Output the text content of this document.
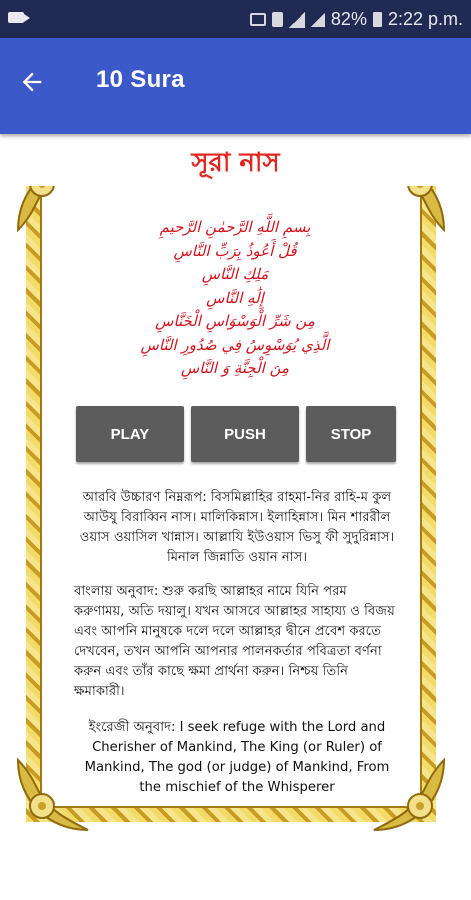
82% 2:22 p.m.
10 Sura
সূরা নাস
بِسمِ اللَّهِ الرَّحمٰنِ الرَّحيمِ
قُلْ أَعُوذُ بِرَبِّ النَّاسِ
مَلِكِ النَّاسِ
إِلَٰهِ النَّاسِ
مِن شَرِّ الْوَسْوَاسِ الْخَنَّاسِ
الَّذِي يُوَسْوِسُ فِي صُدُورِ النَّاسِ
مِنَ الْجِنَّةِ وَ النَّاسِ
PLAY	PUSH	STOP
আরবি উচ্চারণ নিম্নরূপ: বিসমিল্লাহির রাহমা-নির রাহি-ম কুল আউযু বিরাব্বিন নাস। মালিকিন্নাস। ইলাহিন্নাস। মিন শাররীল ওয়াস ওয়াসিল খান্নাস। আল্লাযি ইউওয়াস ভিসু ফী সুদুরিন্নাস। মিনাল জিন্নাতি ওয়ান নাস।
বাংলায় অনুবাদ: শুরু করছি আল্লাহর নামে যিনি পরম করুণাময়, অতি দয়ালু। যখন আসবে আল্লাহর সাহায্য ও বিজয় এবং আপনি মানুষকে দলে দলে আল্লাহর দ্বীনে প্রবেশ করতে দেখবেন, তখন আপনি আপনার পালনকর্তার পবিত্রতা বর্ণনা করুন এবং তাঁর কাছে ক্ষমা প্রার্থনা করুন। নিশ্চয় তিনি ক্ষমাকারী।
ইংরেজী অনুবাদ: I seek refuge with the Lord and Cherisher of Mankind, The King (or Ruler) of Mankind, The god (or judge) of Mankind, From the mischief of the Whisperer
